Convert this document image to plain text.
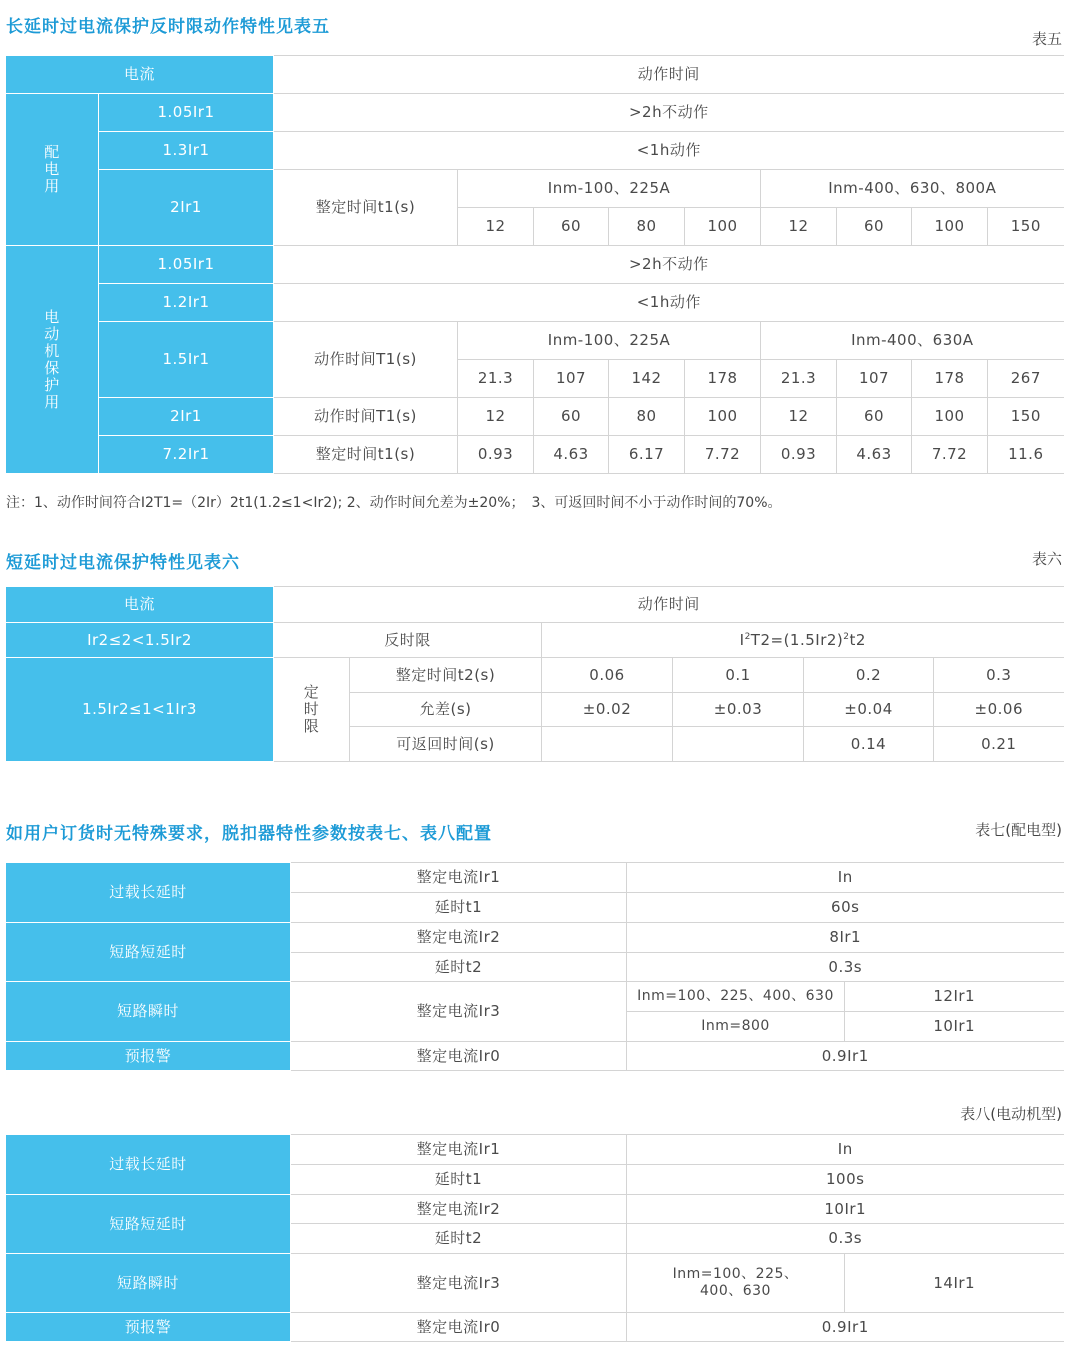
长延时过电流保护反时限动作特性见表五
表五
电流		动作时间								
配电用	1.05Ir1	>2h不动作								
	1.3Ir1	<1h动作								
	2Ir1	整定时间t1(s)	Inm-100、225A				Inm-400、630、800A			
			12	60	80	100	12	60	100	150
电动机保护用	1.05Ir1	>2h不动作								
	1.2Ir1	<1h动作								
	1.5Ir1	动作时间T1(s)	Inm-100、225A				Inm-400、630A			
			21.3	107	142	178	21.3	107	178	267
	2Ir1	动作时间T1(s)	12	60	80	100	12	60	100	150
	7.2Ir1	整定时间t1(s)	0.93	4.63	6.17	7.72	0.93	4.63	7.72	11.6
注：1、动作时间符合I2T1=（2Ir）2t1(1.2≤1<Ir2); 2、动作时间允差为±20%；　3、可返回时间不小于动作时间的70%。
短延时过电流保护特性见表六	表六
电流	动作时间					
Ir2≤2<1.5Ir2	反时限		$I^2T2=(1.5Ir2)^2t2$			
1.5Ir2≤1<1Ir3	定时限	整定时间t2(s)	0.06	0.1	0.2	0.3
		允差(s)	±0.02	±0.03	±0.04	±0.06
		可返回时间(s)			0.14	0.21
如用户订货时无特殊要求，脱扣器特性参数按表七、表八配置	表七(配电型)
过载长延时	整定电流Ir1	In	
	延时t1	60s	
短路短延时	整定电流Ir2	8Ir1	
	延时t2	0.3s	
短路瞬时	整定电流Ir3	Inm=100、225、400、630	12Ir1
		Inm=800	10Ir1
预报警	整定电流Ir0	0.9Ir1	
表八(电动机型)
过载长延时	整定电流Ir1	In	
	延时t1	100s	
短路短延时	整定电流Ir2	10Ir1	
	延时t2	0.3s	
短路瞬时	整定电流Ir3	Inm=100、225、400、630	14Ir1
预报警	整定电流Ir0	0.9Ir1	
